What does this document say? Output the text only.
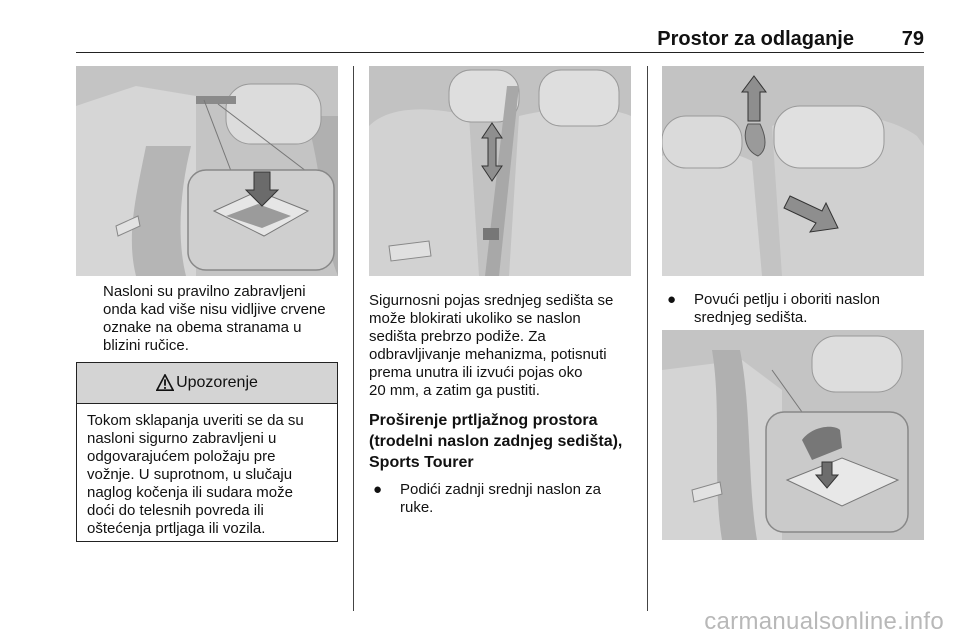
Prostor za odlaganje 79
Nasloni su pravilno zabravljeni
onda kad više nisu vidljive crvene
oznake na obema stranama u
blizini ručice.
Upozorenje
Tokom sklapanja uveriti se da su
nasloni sigurno zabravljeni u
odgovarajućem položaju pre
vožnje. U suprotnom, u slučaju
naglog kočenja ili sudara može
doći do telesnih povreda ili
oštećenja prtljaga ili vozila.
Sigurnosni pojas srednjeg sedišta se
može blokirati ukoliko se naslon
sedišta prebrzo podiže. Za
odbravljivanje mehanizma, potisnuti
prema unutra ili izvući pojas oko
20 mm, a zatim ga pustiti.
Proširenje prtljažnog prostora
(trodelni naslon zadnjeg sedišta),
Sports Tourer
● Podići zadnji srednji naslon za
ruke.
● Povući petlju i oboriti naslon
srednjeg sedišta.
carmanualsonline.info
